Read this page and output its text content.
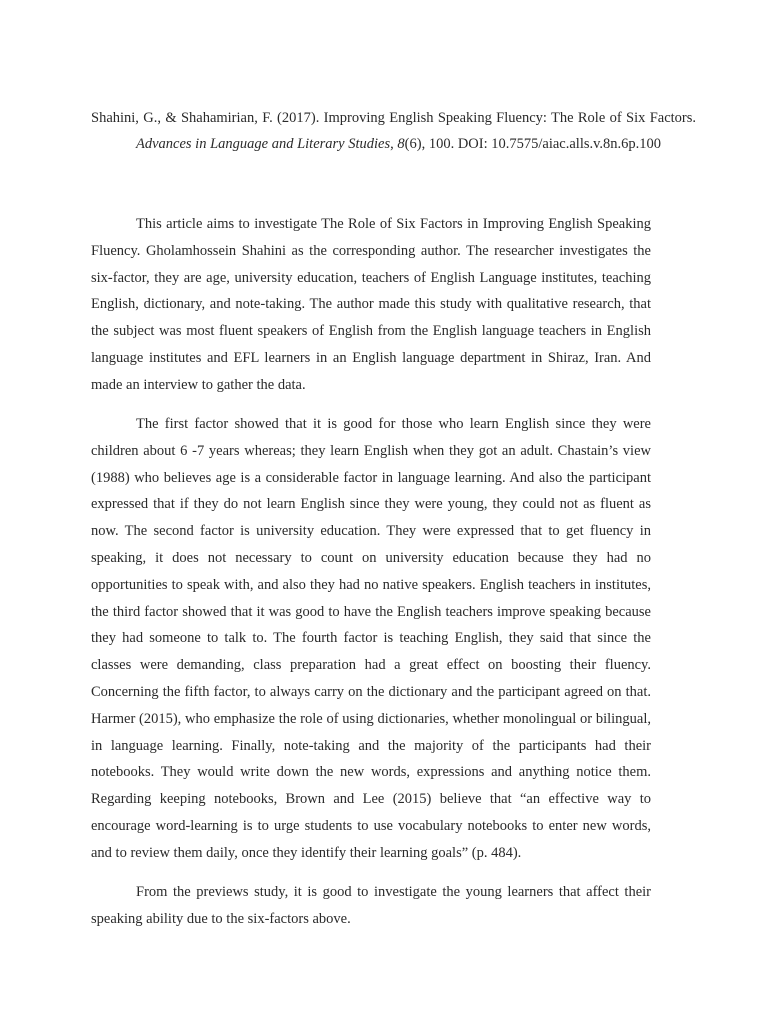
Shahini, G., & Shahamirian, F. (2017). Improving English Speaking Fluency: The Role of Six Factors. Advances in Language and Literary Studies, 8(6), 100. DOI: 10.7575/aiac.alls.v.8n.6p.100

This article aims to investigate The Role of Six Factors in Improving English Speaking Fluency. Gholamhossein Shahini as the corresponding author. The researcher investigates the six-factor, they are age, university education, teachers of English Language institutes, teaching English, dictionary, and note-taking. The author made this study with qualitative research, that the subject was most fluent speakers of English from the English language teachers in English language institutes and EFL learners in an English language department in Shiraz, Iran. And made an interview to gather the data.

The first factor showed that it is good for those who learn English since they were children about 6 -7 years whereas; they learn English when they got an adult. Chastain’s view (1988) who believes age is a considerable factor in language learning. And also the participant expressed that if they do not learn English since they were young, they could not as fluent as now. The second factor is university education. They were expressed that to get fluency in speaking, it does not necessary to count on university education because they had no opportunities to speak with, and also they had no native speakers. English teachers in institutes, the third factor showed that it was good to have the English teachers improve speaking because they had someone to talk to. The fourth factor is teaching English, they said that since the classes were demanding, class preparation had a great effect on boosting their fluency. Concerning the fifth factor, to always carry on the dictionary and the participant agreed on that. Harmer (2015), who emphasize the role of using dictionaries, whether monolingual or bilingual, in language learning. Finally, note-taking and the majority of the participants had their notebooks. They would write down the new words, expressions and anything notice them. Regarding keeping notebooks, Brown and Lee (2015) believe that “an effective way to encourage word-learning is to urge students to use vocabulary notebooks to enter new words, and to review them daily, once they identify their learning goals” (p. 484).

From the previews study, it is good to investigate the young learners that affect their speaking ability due to the six-factors above.
